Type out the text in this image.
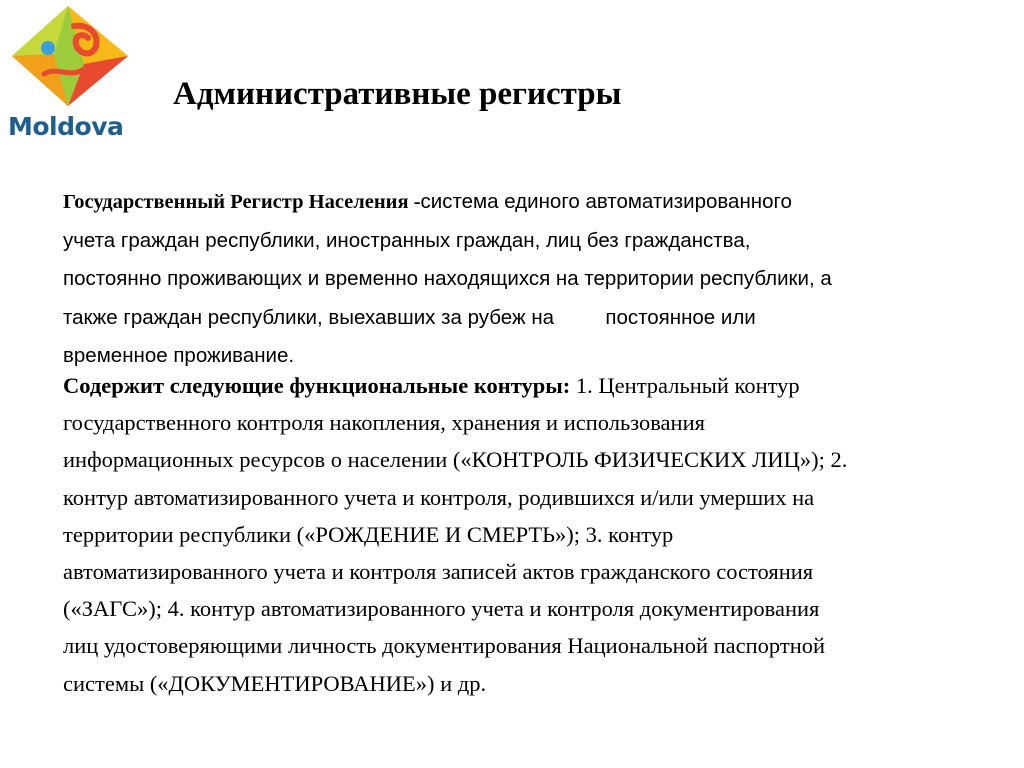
Moldova
Административные регистры

Государственный Регистр Населения -система единого автоматизированного
учета граждан республики, иностранных граждан, лиц без гражданства,
постоянно проживающих и временно находящихся на территории республики, а
также граждан республики, выехавших за рубеж на         постоянное или
временное проживание.

Содержит следующие функциональные контуры: 1. Центральный контур
государственного контроля накопления, хранения и использования
информационных ресурсов о населении («КОНТРОЛЬ ФИЗИЧЕСКИХ ЛИЦ»); 2.
контур автоматизированного учета и контроля, родившихся и/или умерших на
территории республики («РОЖДЕНИЕ И СМЕРТЬ»); 3. контур
автоматизированного учета и контроля записей актов гражданского состояния
(«ЗАГС»); 4. контур автоматизированного учета и контроля документирования
лиц удостоверяющими личность документирования Национальной паспортной
системы («ДОКУМЕНТИРОВАНИЕ») и др.
